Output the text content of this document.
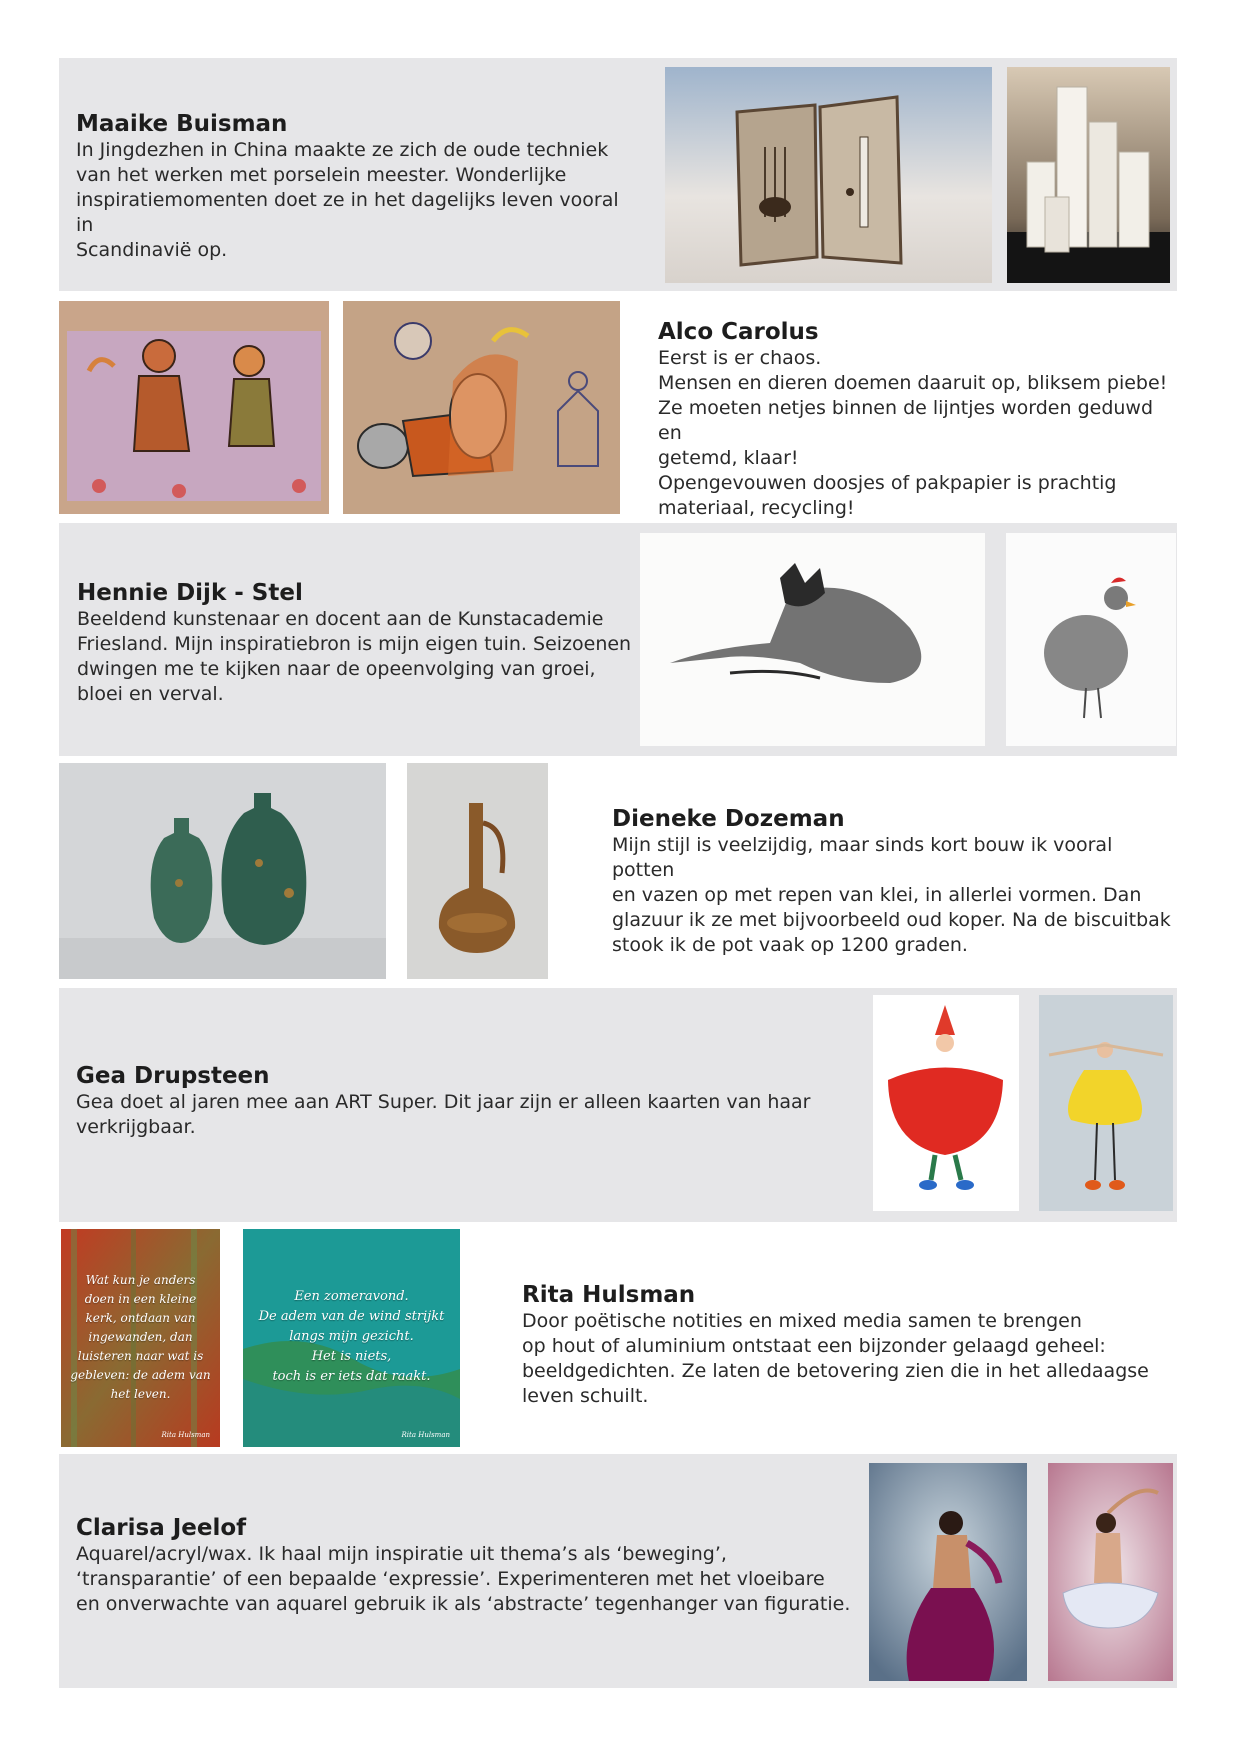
Maaike Buisman

In Jingdezhen in China maakte ze zich de oude techniek
van het werken met porselein meester. Wonderlijke
inspiratiemomenten doet ze in het dagelijks leven vooral in
Scandinavië op.

Alco Carolus

Eerst is er chaos.
Mensen en dieren doemen daaruit op, bliksem piebe!
Ze moeten netjes binnen de lijntjes worden geduwd en
getemd, klaar!
Opengevouwen doosjes of pakpapier is prachtig
materiaal, recycling!

Hennie Dijk - Stel

Beeldend kunstenaar en docent aan de Kunstacademie
Friesland. Mijn inspiratiebron is mijn eigen tuin. Seizoenen
dwingen me te kijken naar de opeenvolging van groei,
bloei en verval.

Dieneke Dozeman

Mijn stijl is veelzijdig, maar sinds kort bouw ik vooral potten
en vazen op met repen van klei, in allerlei vormen. Dan
glazuur ik ze met bijvoorbeeld oud koper. Na de biscuitbak
stook ik de pot vaak op 1200 graden.

Gea Drupsteen

Gea doet al jaren mee aan ART Super. Dit jaar zijn er alleen kaarten van haar
verkrijgbaar.

Wat kun je anders
doen in een kleine
kerk, ontdaan van
ingewanden, dan
luisteren naar wat is
gebleven: de adem van
het leven.
Rita Hulsman
Een zomeravond.
De adem van de wind strijkt
langs mijn gezicht.
Het is niets,
toch is er iets dat raakt.
Rita Hulsman
Rita Hulsman

Door poëtische notities en mixed media samen te brengen
op hout of aluminium ontstaat een bijzonder gelaagd geheel:
beeldgedichten. Ze laten de betovering zien die in het alledaagse
leven schuilt.

Clarisa Jeelof

Aquarel/acryl/wax. Ik haal mijn inspiratie uit thema’s als ‘beweging’,
‘transparantie’ of een bepaalde ‘expressie’. Experimenteren met het vloeibare
en onverwachte van aquarel gebruik ik als ‘abstracte’ tegenhanger van figuratie.
